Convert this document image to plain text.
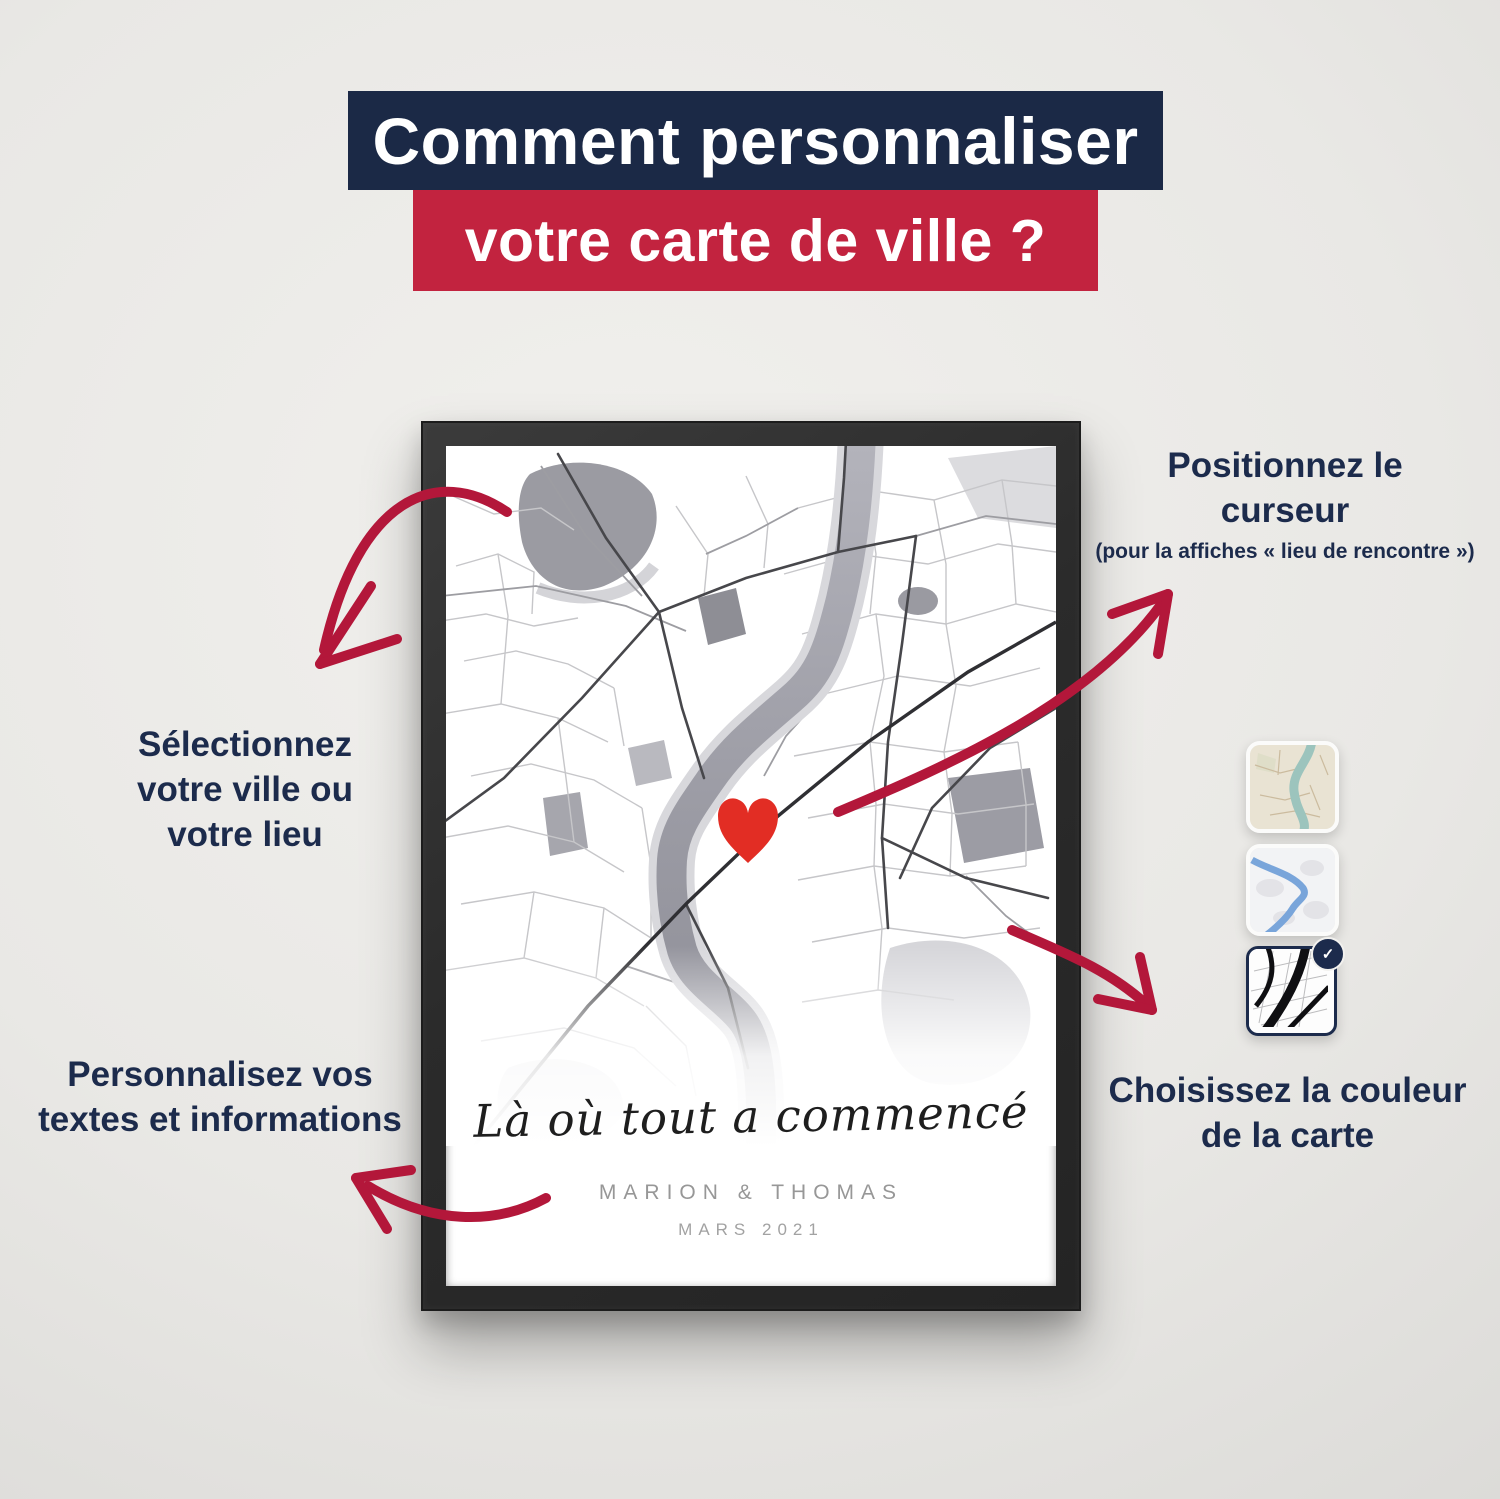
Comment personnaliser
votre carte de ville ?
Là où tout a commencé
MARION & THOMAS
MARS 2021
Positionnez le
curseur
(pour la affiches « lieu de rencontre »)
Sélectionnez
votre ville ou
votre lieu
Personnalisez vos
textes et informations
Choisissez la couleur
de la carte
✓
